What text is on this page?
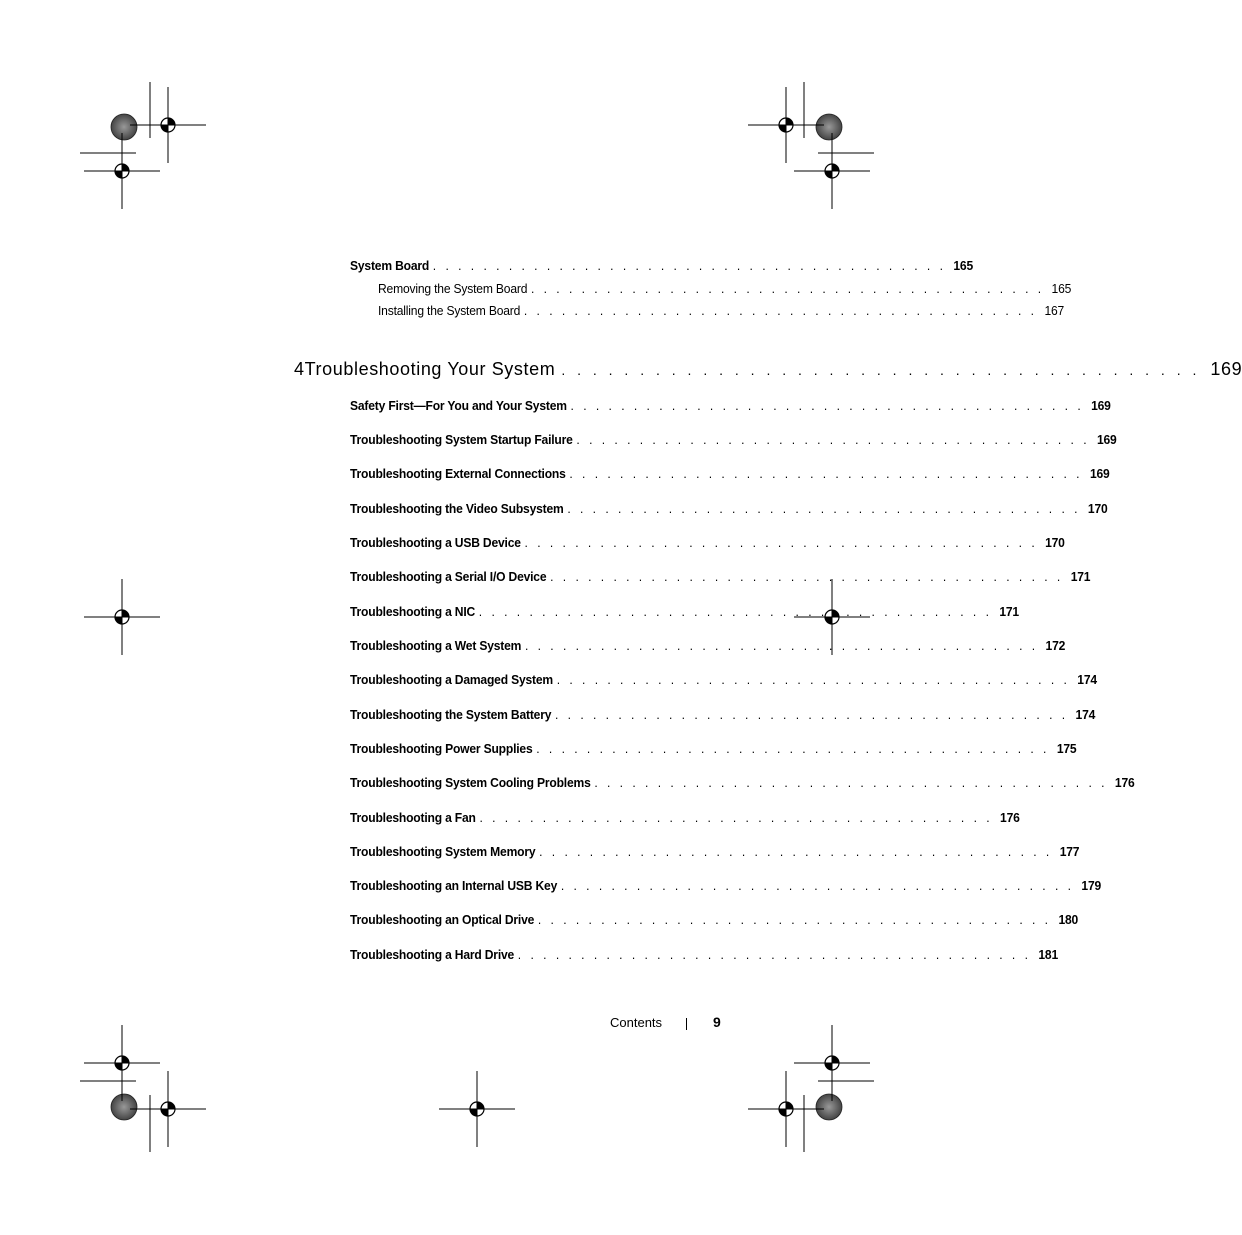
System Board . . . . . . . . . . . . . . . . . . . . . . . . . . . . . . . . . . . . . . . . . 165
Removing the System Board . . . . . . . . . . . . . . . . . . . . . . . . . . . . . . . . . . . . . . . . . 165
Installing the System Board . . . . . . . . . . . . . . . . . . . . . . . . . . . . . . . . . . . . . . . . . 167
4 Troubleshooting Your System . . . . . . . . . . . . . . . . . . . . . . . . . . . . . . . . . . . . . . . . . 169
Safety First—For You and Your System . . . . . . . . . . . . . . . . . . . . . . . . . . . . . . . . . . . . . . . . . 169
Troubleshooting System Startup Failure . . . . . . . . . . . . . . . . . . . . . . . . . . . . . . . . . . . . . . . . . 169
Troubleshooting External Connections . . . . . . . . . . . . . . . . . . . . . . . . . . . . . . . . . . . . . . . . . 169
Troubleshooting the Video Subsystem . . . . . . . . . . . . . . . . . . . . . . . . . . . . . . . . . . . . . . . . . 170
Troubleshooting a USB Device . . . . . . . . . . . . . . . . . . . . . . . . . . . . . . . . . . . . . . . . . 170
Troubleshooting a Serial I/O Device . . . . . . . . . . . . . . . . . . . . . . . . . . . . . . . . . . . . . . . . . 171
Troubleshooting a NIC . . . . . . . . . . . . . . . . . . . . . . . . . . . . . . . . . . . . . . . . . 171
Troubleshooting a Wet System . . . . . . . . . . . . . . . . . . . . . . . . . . . . . . . . . . . . . . . . . 172
Troubleshooting a Damaged System . . . . . . . . . . . . . . . . . . . . . . . . . . . . . . . . . . . . . . . . . 174
Troubleshooting the System Battery . . . . . . . . . . . . . . . . . . . . . . . . . . . . . . . . . . . . . . . . . 174
Troubleshooting Power Supplies . . . . . . . . . . . . . . . . . . . . . . . . . . . . . . . . . . . . . . . . . 175
Troubleshooting System Cooling Problems . . . . . . . . . . . . . . . . . . . . . . . . . . . . . . . . . . . . . . . . . 176
Troubleshooting a Fan . . . . . . . . . . . . . . . . . . . . . . . . . . . . . . . . . . . . . . . . . 176
Troubleshooting System Memory . . . . . . . . . . . . . . . . . . . . . . . . . . . . . . . . . . . . . . . . . 177
Troubleshooting an Internal USB Key . . . . . . . . . . . . . . . . . . . . . . . . . . . . . . . . . . . . . . . . . 179
Troubleshooting an Optical Drive . . . . . . . . . . . . . . . . . . . . . . . . . . . . . . . . . . . . . . . . . 180
Troubleshooting a Hard Drive . . . . . . . . . . . . . . . . . . . . . . . . . . . . . . . . . . . . . . . . . 181
Contents	9
